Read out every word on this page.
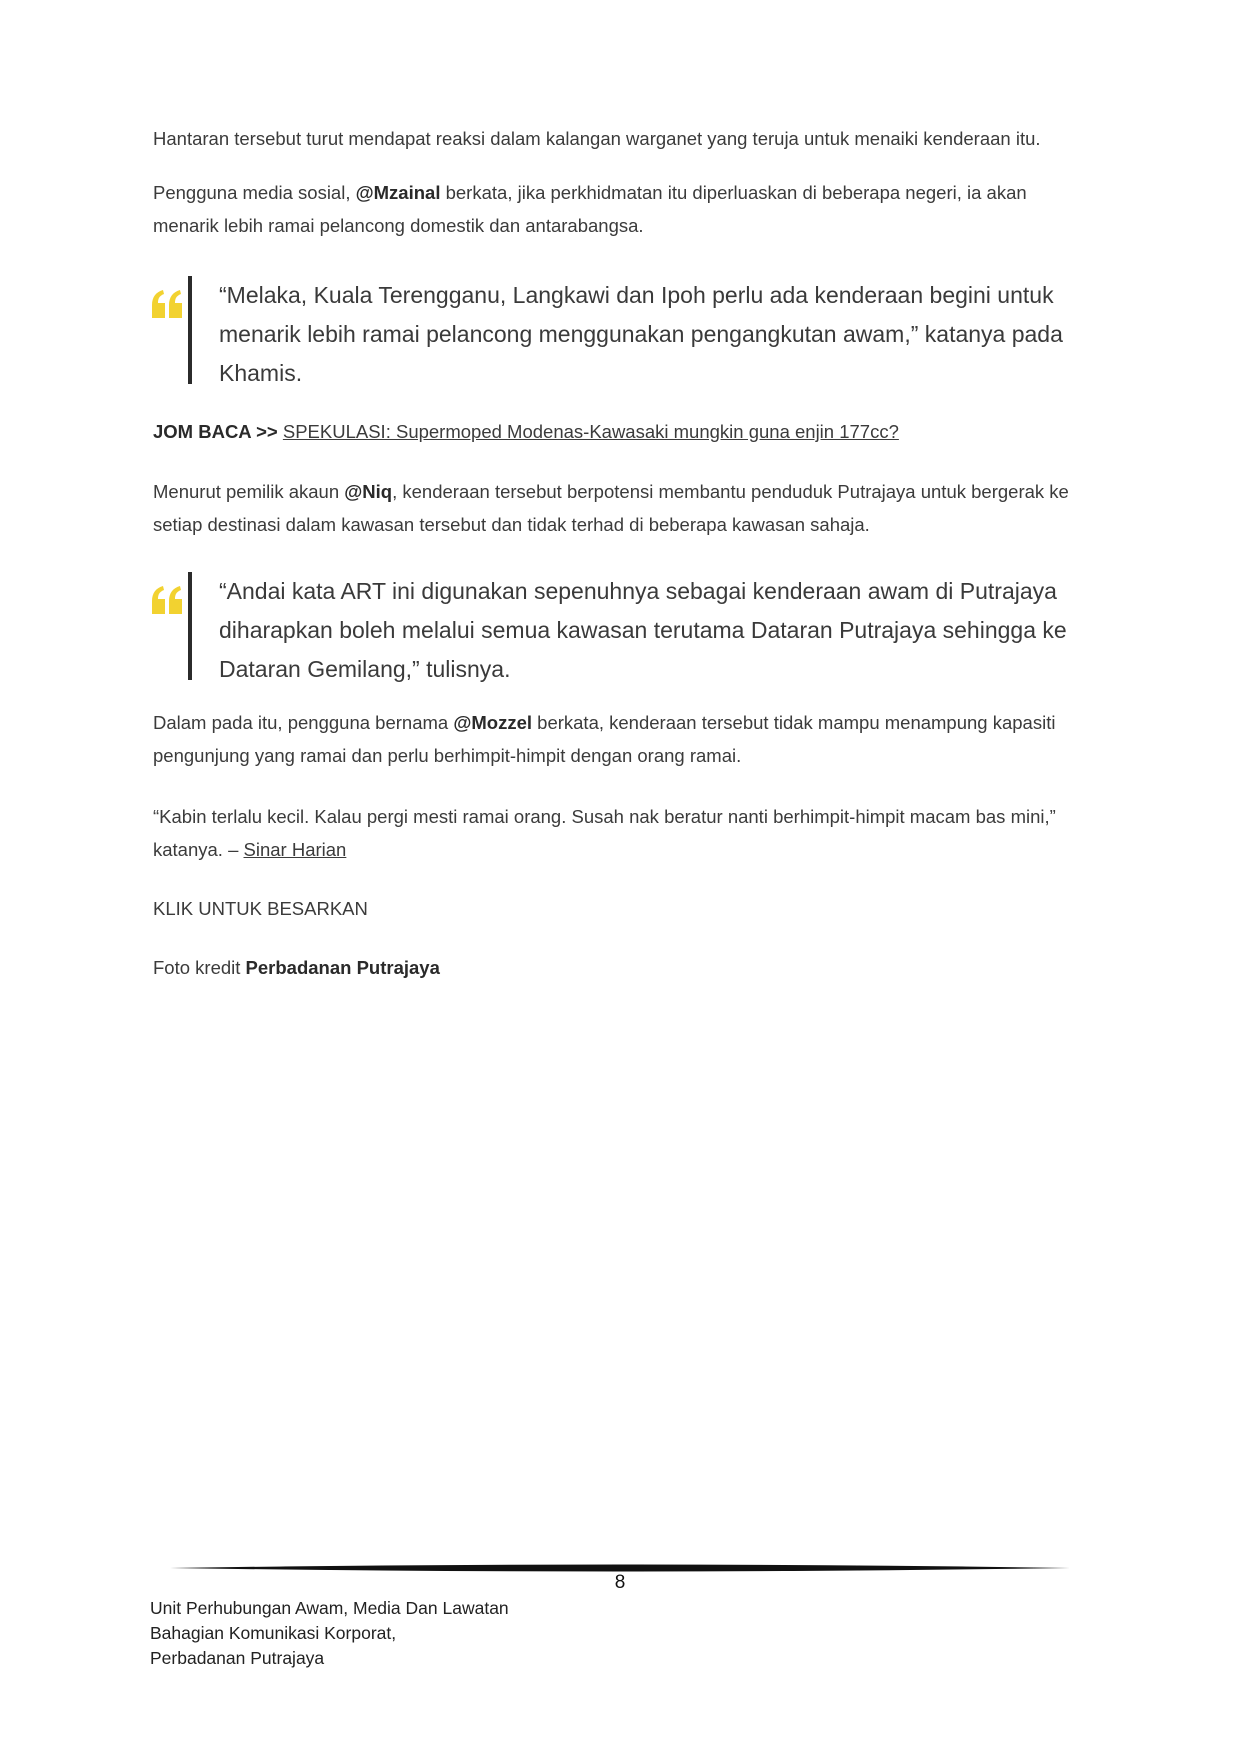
Hantaran tersebut turut mendapat reaksi dalam kalangan warganet yang teruja untuk menaiki kenderaan itu.

Pengguna media sosial, @Mzainal berkata, jika perkhidmatan itu diperluaskan di beberapa negeri, ia akan menarik lebih ramai pelancong domestik dan antarabangsa.

“Melaka, Kuala Terengganu, Langkawi dan Ipoh perlu ada kenderaan begini untuk menarik lebih ramai pelancong menggunakan pengangkutan awam,” katanya pada Khamis.

JOM BACA >> SPEKULASI: Supermoped Modenas-Kawasaki mungkin guna enjin 177cc?

Menurut pemilik akaun @Niq, kenderaan tersebut berpotensi membantu penduduk Putrajaya untuk bergerak ke setiap destinasi dalam kawasan tersebut dan tidak terhad di beberapa kawasan sahaja.

“Andai kata ART ini digunakan sepenuhnya sebagai kenderaan awam di Putrajaya diharapkan boleh melalui semua kawasan terutama Dataran Putrajaya sehingga ke Dataran Gemilang,” tulisnya.

Dalam pada itu, pengguna bernama @Mozzel berkata, kenderaan tersebut tidak mampu menampung kapasiti pengunjung yang ramai dan perlu berhimpit-himpit dengan orang ramai.

“Kabin terlalu kecil. Kalau pergi mesti ramai orang. Susah nak beratur nanti berhimpit-himpit macam bas mini,” katanya. – Sinar Harian

KLIK UNTUK BESARKAN

Foto kredit Perbadanan Putrajaya

8
Unit Perhubungan Awam, Media Dan Lawatan
Bahagian Komunikasi Korporat,
Perbadanan Putrajaya
